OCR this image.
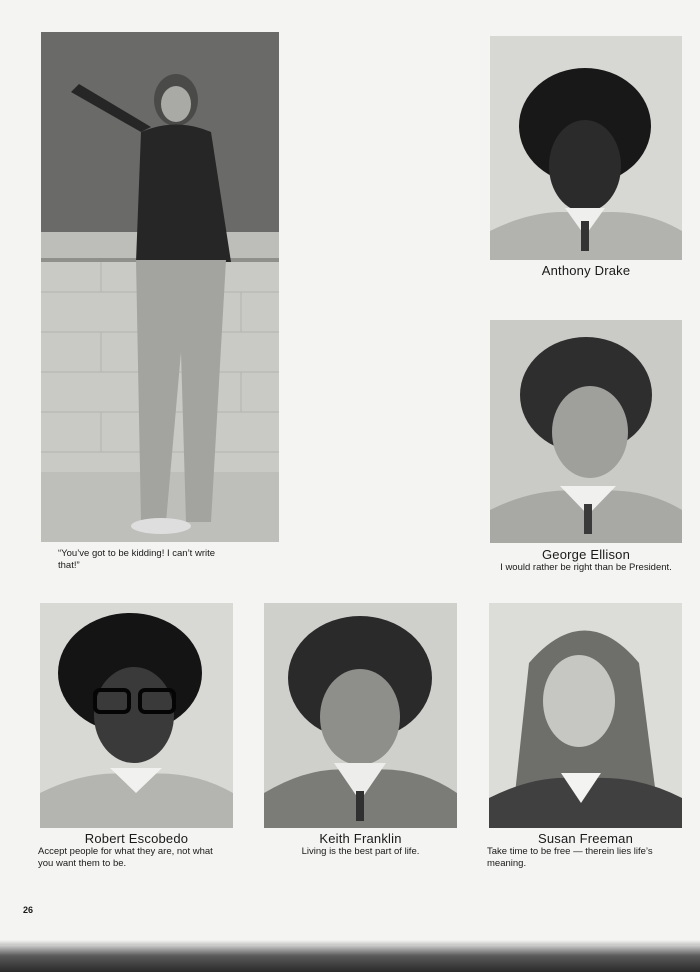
“You’ve got to be kidding! I can’t write
that!”
Anthony Drake
George Ellison
I would rather be right than be President.
Robert Escobedo
Accept people for what they are, not what
you want them to be.
Keith Franklin
Living is the best part of life.
Susan Freeman
Take time to be free — therein lies life’s
meaning.
26
